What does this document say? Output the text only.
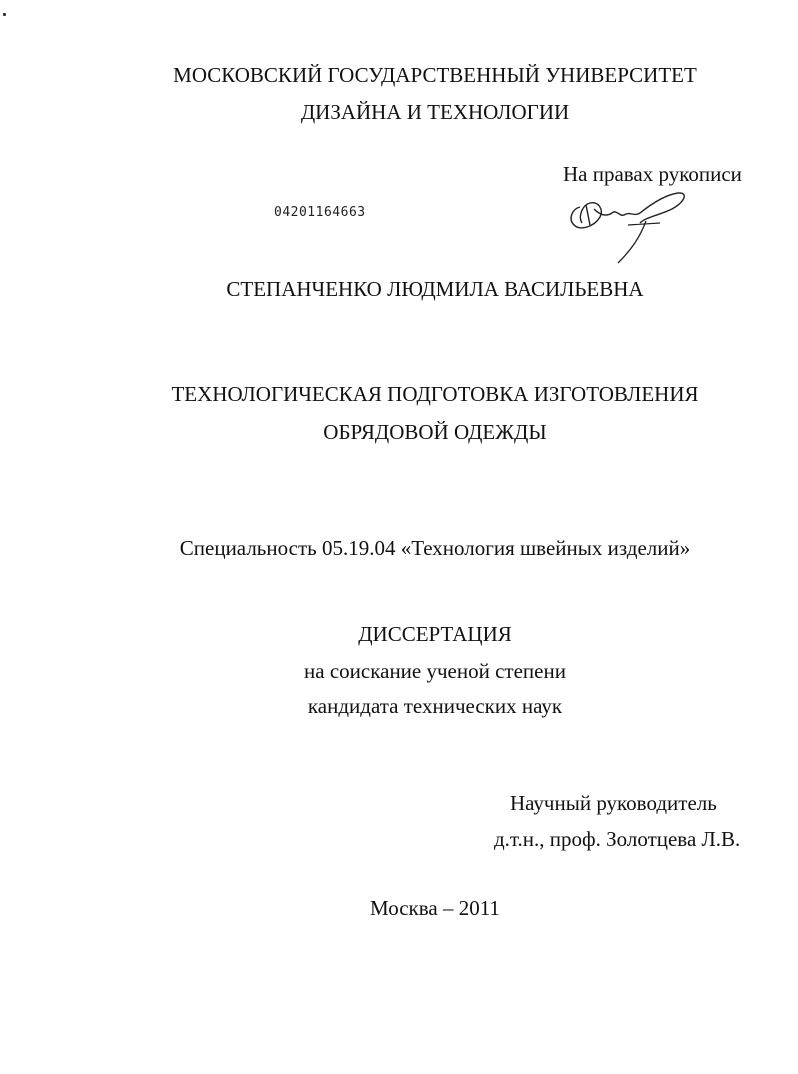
МОСКОВСКИЙ ГОСУДАРСТВЕННЫЙ УНИВЕРСИТЕТ
ДИЗАЙНА И ТЕХНОЛОГИИ
На правах рукописи
04201164663
СТЕПАНЧЕНКО ЛЮДМИЛА ВАСИЛЬЕВНА
ТЕХНОЛОГИЧЕСКАЯ ПОДГОТОВКА ИЗГОТОВЛЕНИЯ
ОБРЯДОВОЙ ОДЕЖДЫ
Специальность 05.19.04 «Технология швейных изделий»
ДИССЕРТАЦИЯ
на соискание ученой степени
кандидата технических наук
Научный руководитель
д.т.н., проф. Золотцева Л.В.
Москва – 2011
